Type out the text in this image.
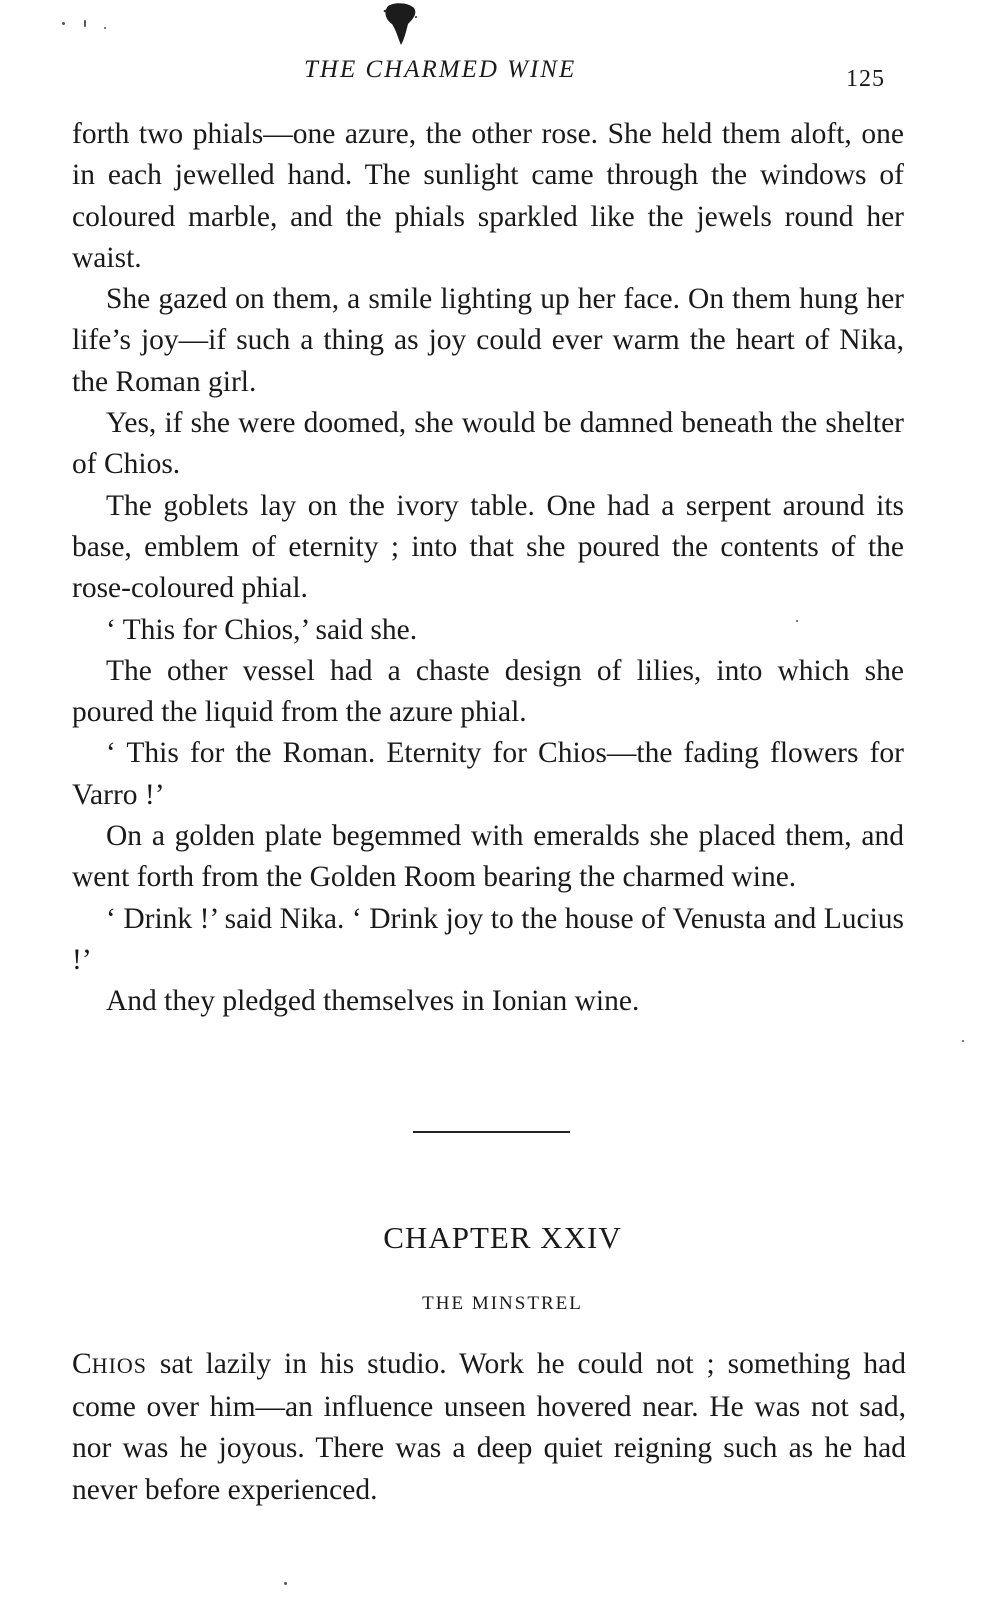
THE CHARMED WINE	125

forth two phials—one azure, the other rose. She held them aloft, one in each jewelled hand. The sunlight came through the windows of coloured marble, and the phials sparkled like the jewels round her waist.

She gazed on them, a smile lighting up her face. On them hung her life’s joy—if such a thing as joy could ever warm the heart of Nika, the Roman girl.

Yes, if she were doomed, she would be damned beneath the shelter of Chios.

The goblets lay on the ivory table. One had a serpent around its base, emblem of eternity ; into that she poured the contents of the rose-coloured phial.

‘ This for Chios,’ said she.

The other vessel had a chaste design of lilies, into which she poured the liquid from the azure phial.

‘ This for the Roman. Eternity for Chios—the fading flowers for Varro !’

On a golden plate begemmed with emeralds she placed them, and went forth from the Golden Room bearing the charmed wine.

‘ Drink !’ said Nika. ‘ Drink joy to the house of Venusta and Lucius !’

And they pledged themselves in Ionian wine.

CHAPTER XXIV
THE MINSTREL

CHIOS sat lazily in his studio. Work he could not ; something had come over him—an influence unseen hovered near. He was not sad, nor was he joyous. There was a deep quiet reigning such as he had never before experienced.
